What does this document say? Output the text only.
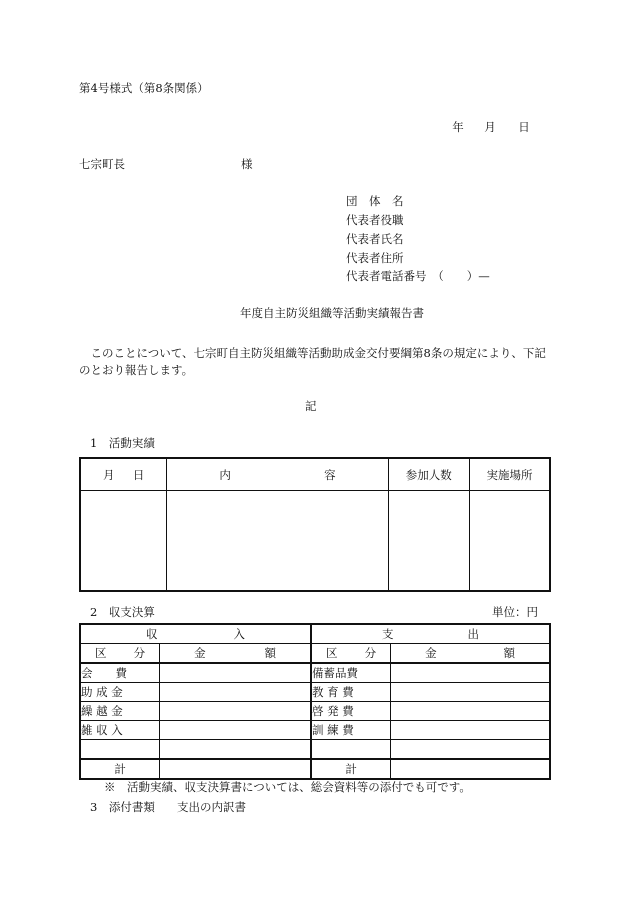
第4号様式（第8条関係）
年	月	日
七宗町長	様
団　体　名
代表者役職
代表者氏名
代表者住所
代表者電話番号　（　　）—
年度自主防災組織等活動実績報告書
　このことについて、七宗町自主防災組織等活動助成金交付要綱第8条の規定により、下記
のとおり報告します。
記
1　活動実績
月 日	内 容	参加人数	実施場所

2　収支決算	単位：円
収 入		支 出	

区 分	金 額	区 分	金 額

会　　費		備蓄品費	
助 成 金		教 育 費	
繰 越 金		啓 発 費	
雑 収 入		訓 練 費	

計		計	
※　活動実績、収支決算書については、総会資料等の添付でも可です。
3　添付書類 支出の内訳書
